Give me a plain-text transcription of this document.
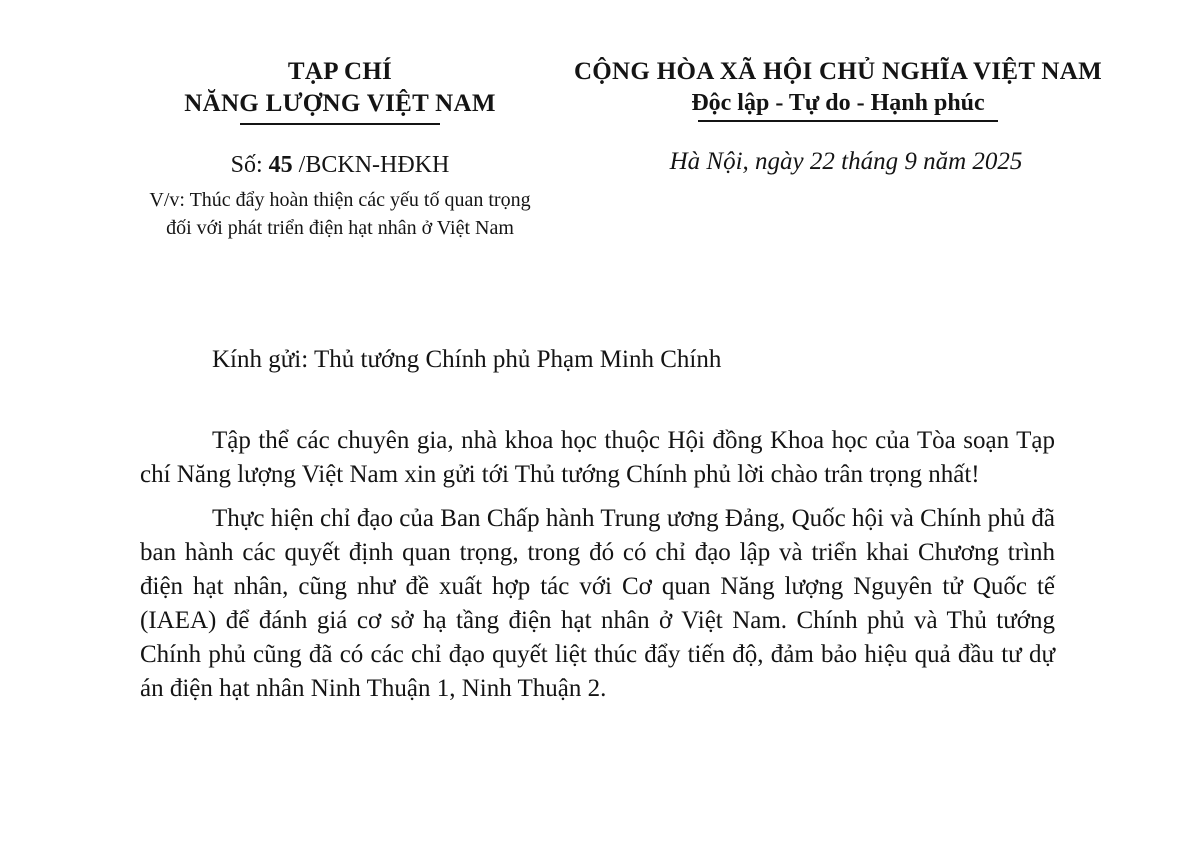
TẠP CHÍ
NĂNG LƯỢNG VIỆT NAM
Số: 45 /BCKN-HĐKH
V/v: Thúc đẩy hoàn thiện các yếu tố quan trọng đối với phát triển điện hạt nhân ở Việt Nam
CỘNG HÒA XÃ HỘI CHỦ NGHĨA VIỆT NAM
Độc lập - Tự do - Hạnh phúc
Hà Nội, ngày 22 tháng 9 năm 2025
Kính gửi: Thủ tướng Chính phủ Phạm Minh Chính

Tập thể các chuyên gia, nhà khoa học thuộc Hội đồng Khoa học của Tòa soạn Tạp chí Năng lượng Việt Nam xin gửi tới Thủ tướng Chính phủ lời chào trân trọng nhất!

Thực hiện chỉ đạo của Ban Chấp hành Trung ương Đảng, Quốc hội và Chính phủ đã ban hành các quyết định quan trọng, trong đó có chỉ đạo lập và triển khai Chương trình điện hạt nhân, cũng như đề xuất hợp tác với Cơ quan Năng lượng Nguyên tử Quốc tế (IAEA) để đánh giá cơ sở hạ tầng điện hạt nhân ở Việt Nam. Chính phủ và Thủ tướng Chính phủ cũng đã có các chỉ đạo quyết liệt thúc đẩy tiến độ, đảm bảo hiệu quả đầu tư dự án điện hạt nhân Ninh Thuận 1, Ninh Thuận 2.
